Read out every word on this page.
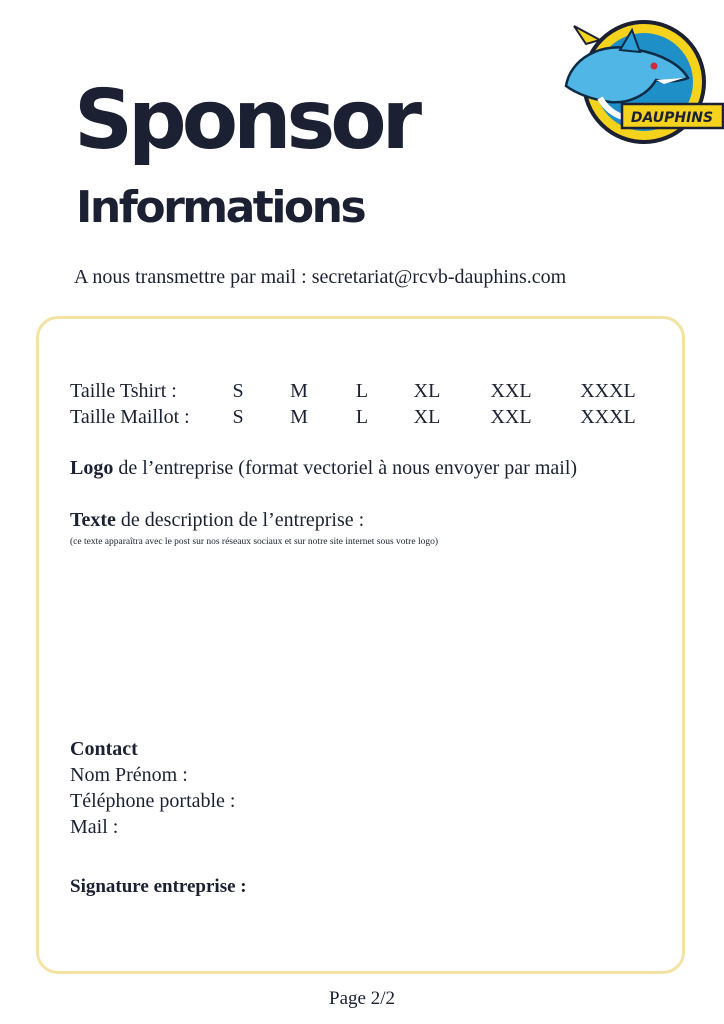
DAUPHINS
Sponsor
Informations
A nous transmettre par mail : secretariat@rcvb-dauphins.com
Taille Tshirt :	S M L XL	XXL XXXL
Taille Maillot : S M L XL	XXL XXXL
Logo de l’entreprise (format vectoriel à nous envoyer par mail)
Texte de description de l’entreprise :
(ce texte apparaîtra avec le post sur nos réseaux sociaux et sur notre site internet sous votre logo)
Contact
Nom Prénom :
Téléphone portable :
Mail :
Signature entreprise :
Page 2/2
